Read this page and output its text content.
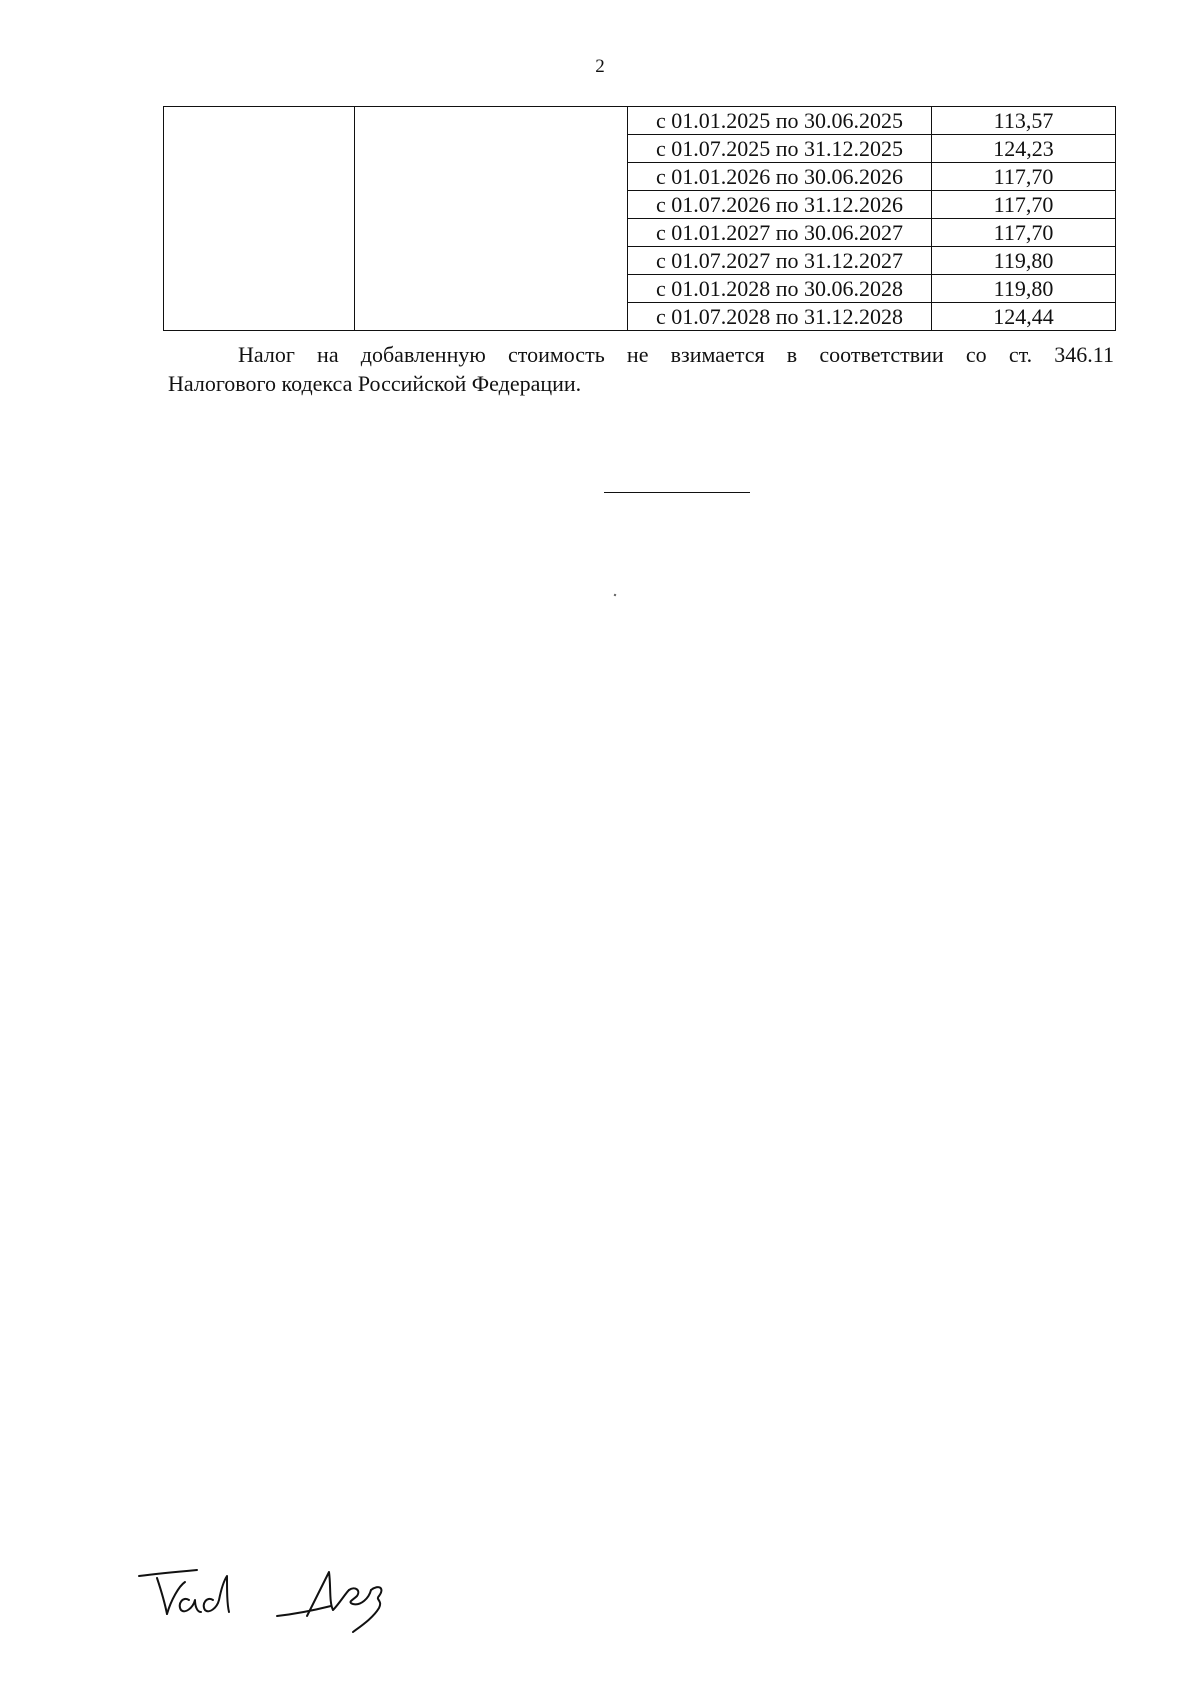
2
		с 01.01.2025 по 30.06.2025	113,57
		с 01.07.2025 по 31.12.2025	124,23
		с 01.01.2026 по 30.06.2026	117,70
		с 01.07.2026 по 31.12.2026	117,70
		с 01.01.2027 по 30.06.2027	117,70
		с 01.07.2027 по 31.12.2027	119,80
		с 01.01.2028 по 30.06.2028	119,80
		с 01.07.2028 по 31.12.2028	124,44
Налог на добавленную стоимость не взимается в соответствии со ст. 346.11
Налогового кодекса Российской Федерации.
